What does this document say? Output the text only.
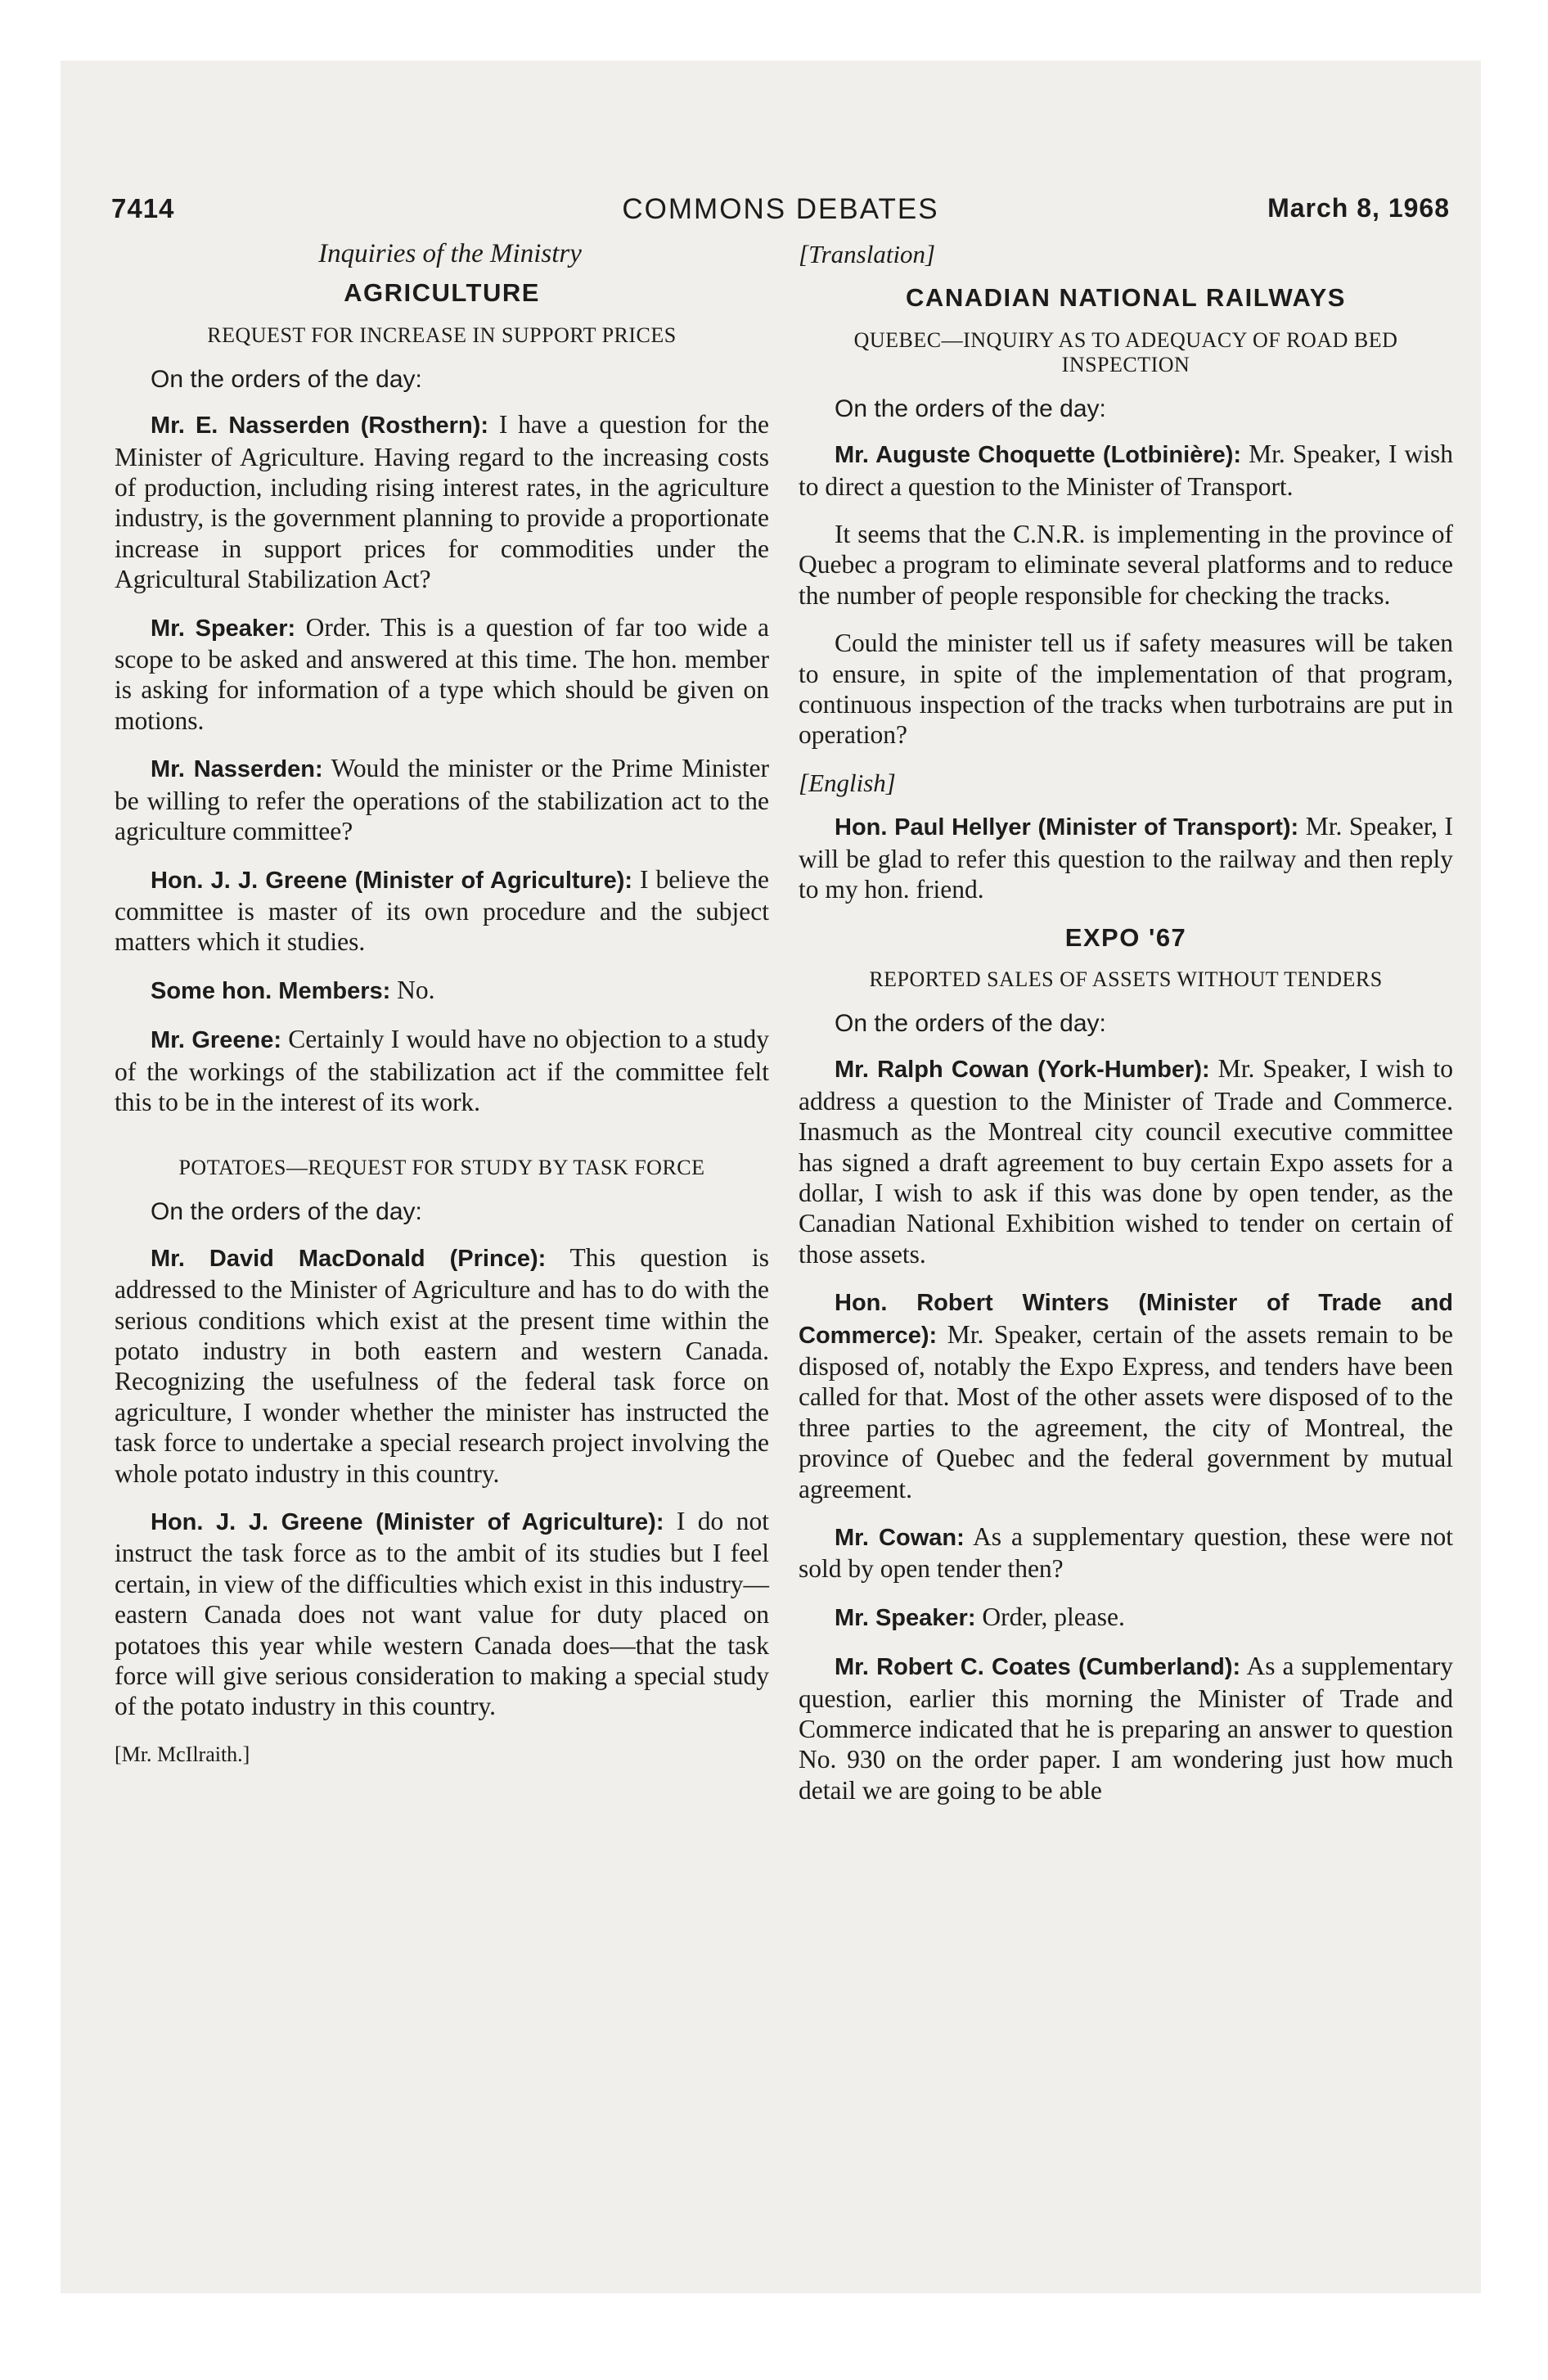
7414	COMMONS DEBATES	March 8, 1968
Inquiries of the Ministry
AGRICULTURE
REQUEST FOR INCREASE IN SUPPORT PRICES
On the orders of the day:

Mr. E. Nasserden (Rosthern): I have a question for the Minister of Agriculture. Having regard to the increasing costs of production, including rising interest rates, in the agriculture industry, is the government planning to provide a proportionate increase in support prices for commodities under the Agricultural Stabilization Act?

Mr. Speaker: Order. This is a question of far too wide a scope to be asked and answered at this time. The hon. member is asking for information of a type which should be given on motions.

Mr. Nasserden: Would the minister or the Prime Minister be willing to refer the operations of the stabilization act to the agriculture committee?

Hon. J. J. Greene (Minister of Agriculture): I believe the committee is master of its own procedure and the subject matters which it studies.

Some hon. Members: No.

Mr. Greene: Certainly I would have no objection to a study of the workings of the stabilization act if the committee felt this to be in the interest of its work.

POTATOES—REQUEST FOR STUDY BY TASK FORCE
On the orders of the day:

Mr. David MacDonald (Prince): This question is addressed to the Minister of Agriculture and has to do with the serious conditions which exist at the present time within the potato industry in both eastern and western Canada. Recognizing the usefulness of the federal task force on agriculture, I wonder whether the minister has instructed the task force to undertake a special research project involving the whole potato industry in this country.

Hon. J. J. Greene (Minister of Agriculture): I do not instruct the task force as to the ambit of its studies but I feel certain, in view of the difficulties which exist in this industry—eastern Canada does not want value for duty placed on potatoes this year while western Canada does—that the task force will give serious consideration to making a special study of the potato industry in this country.

[Mr. McIlraith.]
[Translation]
CANADIAN NATIONAL RAILWAYS
QUEBEC—INQUIRY AS TO ADEQUACY OF ROAD BED INSPECTION
On the orders of the day:

Mr. Auguste Choquette (Lotbinière): Mr. Speaker, I wish to direct a question to the Minister of Transport.

It seems that the C.N.R. is implementing in the province of Quebec a program to eliminate several platforms and to reduce the number of people responsible for checking the tracks.

Could the minister tell us if safety measures will be taken to ensure, in spite of the implementation of that program, continuous inspection of the tracks when turbotrains are put in operation?

[English]

Hon. Paul Hellyer (Minister of Transport): Mr. Speaker, I will be glad to refer this question to the railway and then reply to my hon. friend.

EXPO '67
REPORTED SALES OF ASSETS WITHOUT TENDERS
On the orders of the day:

Mr. Ralph Cowan (York-Humber): Mr. Speaker, I wish to address a question to the Minister of Trade and Commerce. Inasmuch as the Montreal city council executive committee has signed a draft agreement to buy certain Expo assets for a dollar, I wish to ask if this was done by open tender, as the Canadian National Exhibition wished to tender on certain of those assets.

Hon. Robert Winters (Minister of Trade and Commerce): Mr. Speaker, certain of the assets remain to be disposed of, notably the Expo Express, and tenders have been called for that. Most of the other assets were disposed of to the three parties to the agreement, the city of Montreal, the province of Quebec and the federal government by mutual agreement.

Mr. Cowan: As a supplementary question, these were not sold by open tender then?

Mr. Speaker: Order, please.

Mr. Robert C. Coates (Cumberland): As a supplementary question, earlier this morning the Minister of Trade and Commerce indicated that he is preparing an answer to question No. 930 on the order paper. I am wondering just how much detail we are going to be able
